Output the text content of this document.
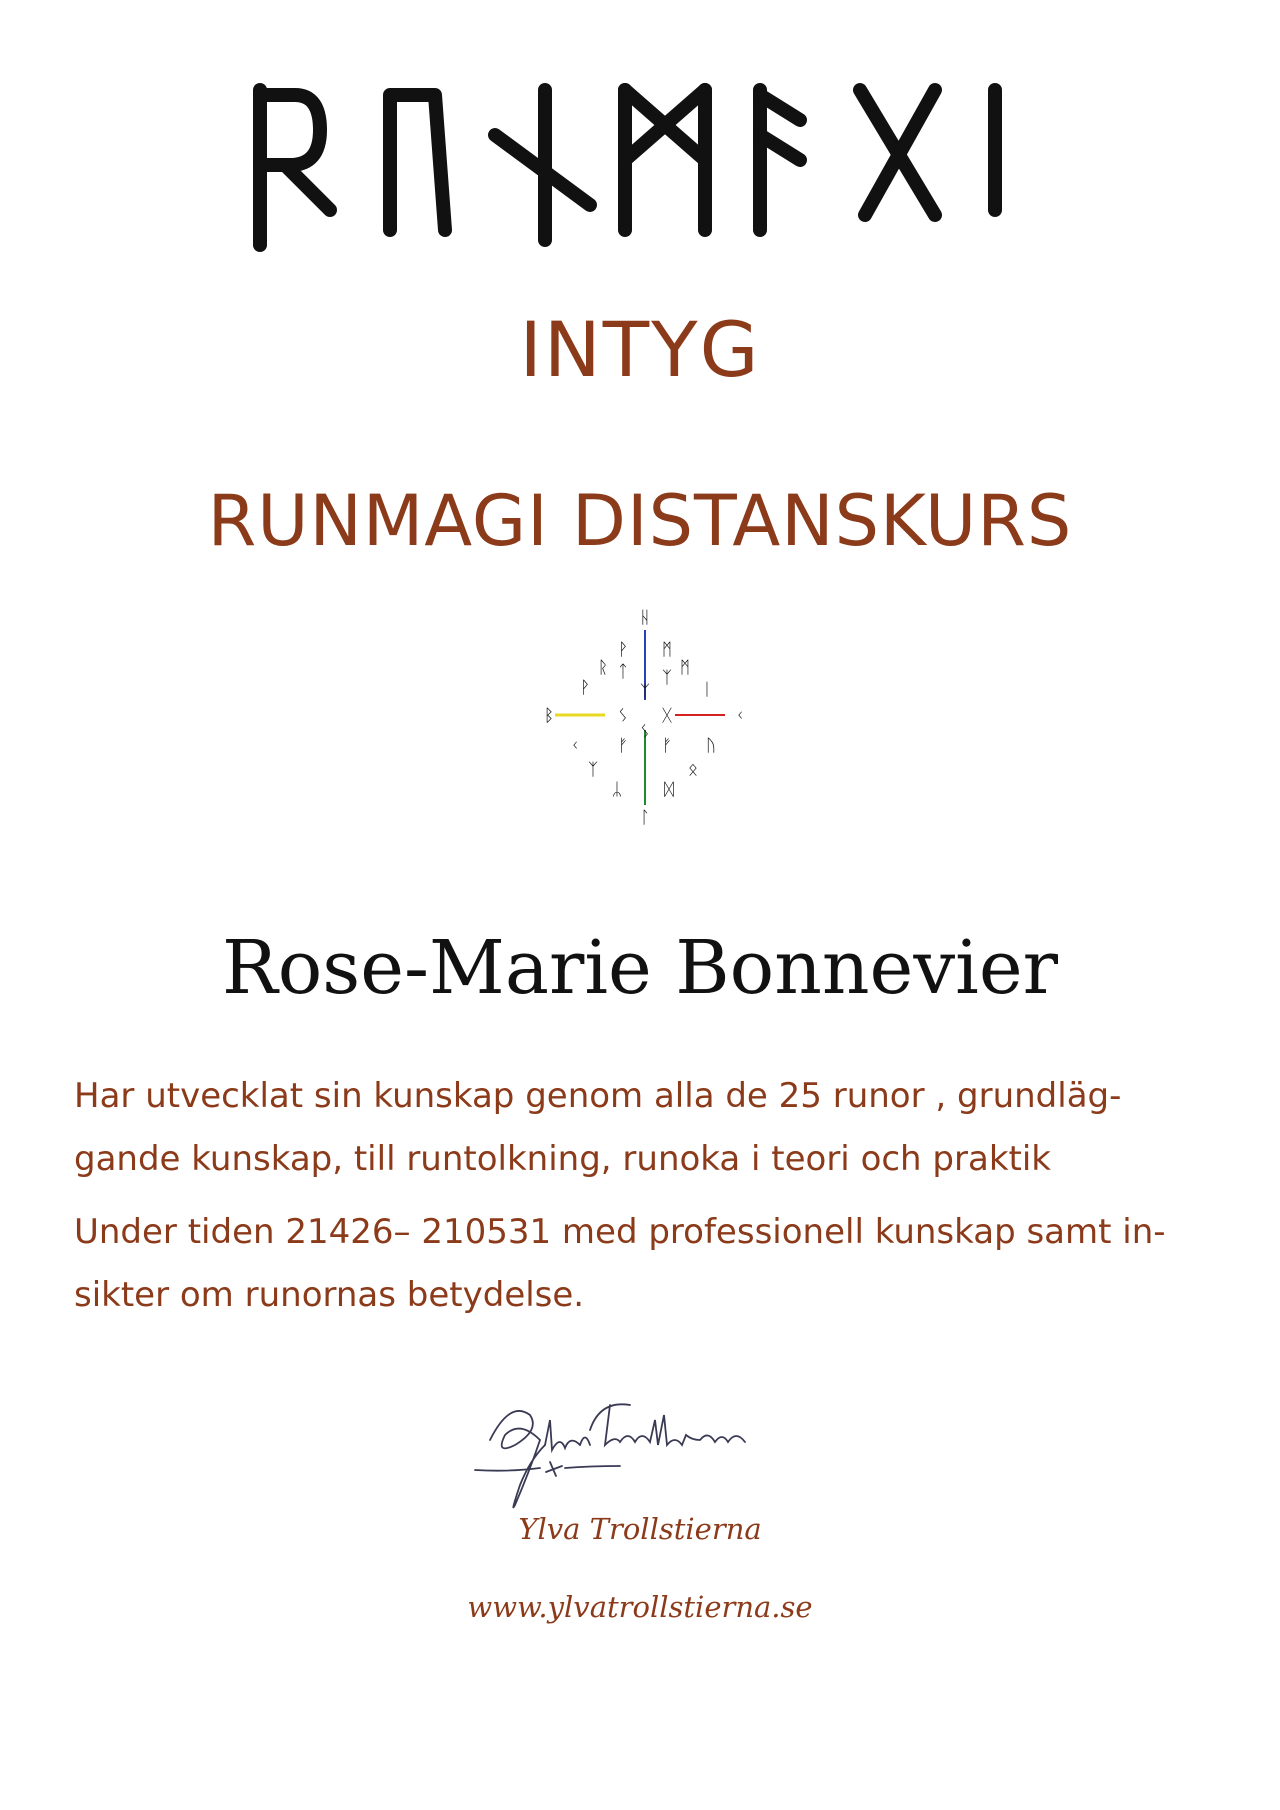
INTYG
RUNMAGI DISTANSKURS
ᚺ
ᚹ ᛗ
ᚱ	ᛗ
ᚹ
ᛏ ᛉ
ᛁ
ᛉ
ᛒ	ᛊ ᚷ	ᚲ
ᛊ
ᚲ ᚠ ᚠ ᚢ
ᛉ	ᛟ
ᛦ ᛞ
ᛚ
Rose-Marie Bonnevier

Har utvecklat sin kunskap genom alla de 25 runor , grundläg-
gande kunskap, till runtolkning, runoka i teori och praktik

Under tiden 21426– 210531 med professionell kunskap samt in-
sikter om runornas betydelse.

Ylva Trollstierna
www.ylvatrollstierna.se
